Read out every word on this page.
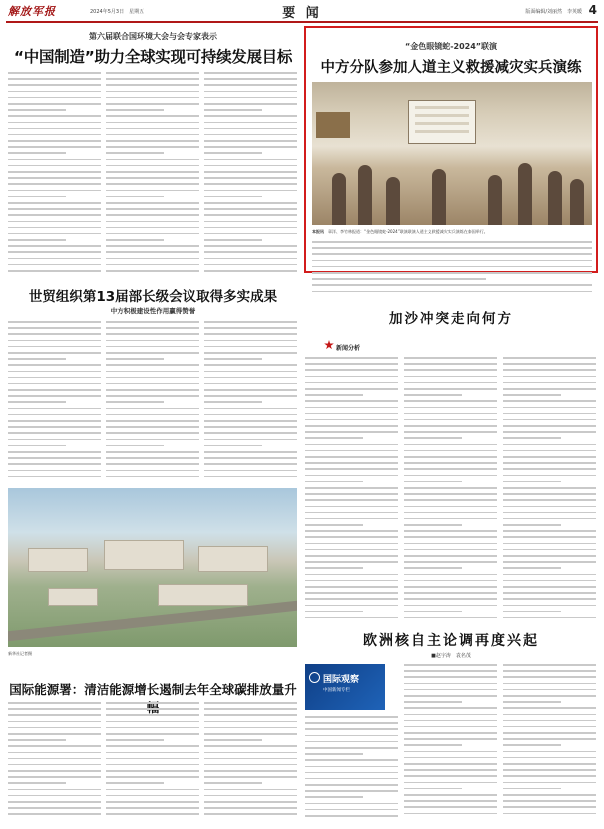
解放军报	2024年5月3日　星期五	要 闻	版面编辑/刘丽然　李英暖 4
第六届联合国环境大会与会专家表示
“中国制造”助力全球实现可持续发展目标
“金色眼镜蛇-2024”联演
中方分队参加人道主义救援减灾实兵演练
本报讯　章洋、李竹林报道：“金色眼镜蛇-2024”联演联演人道主义救援减灾实兵演练在泰国举行。
世贸组织第13届部长级会议取得多实成果
中方积极建设性作用赢得赞誉	加沙冲突走向何方
新闻分析
新华社记者摄
国际能源署：清洁能源增长遏制去年全球碳排放量升
欧洲核自主论调再度兴起
■赵宇涛　袁名茂
国际观察
中国新闻专栏
